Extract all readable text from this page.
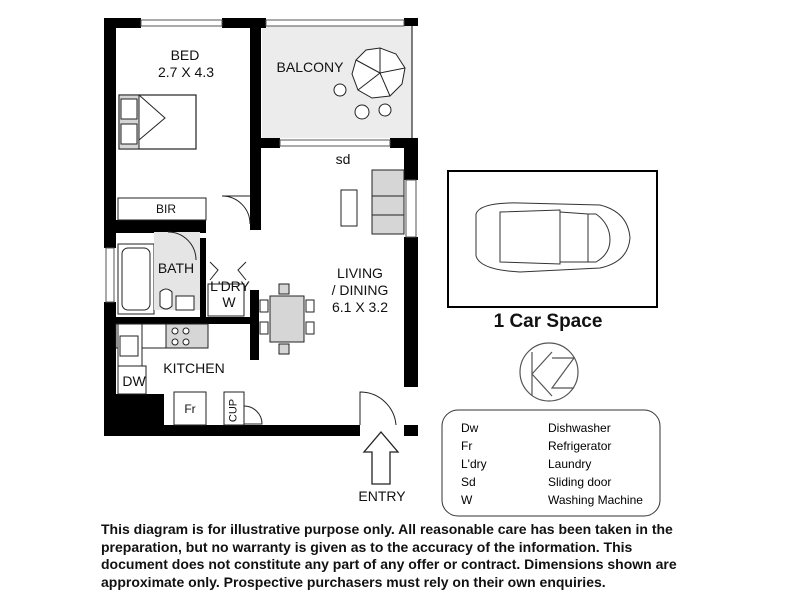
BED
2.7 X 4.3	BALCONY
sd
BIR
BATH
L'DRY
W
LIVING
/ DINING
6.1 X 3.2
KITCHEN
DW
Fr	CUP
1 Car Space
ENTRY
Dw	Dishwasher
Fr	Refrigerator
L'dry	Laundry
Sd	Sliding door
W	Washing Machine
This diagram is for illustrative purpose only. All reasonable care has been taken in the preparation, but no warranty is given as to the accuracy of the information. This document does not constitute any part of any offer or contract. Dimensions shown are approximate only. Prospective purchasers must rely on their own enquiries.
